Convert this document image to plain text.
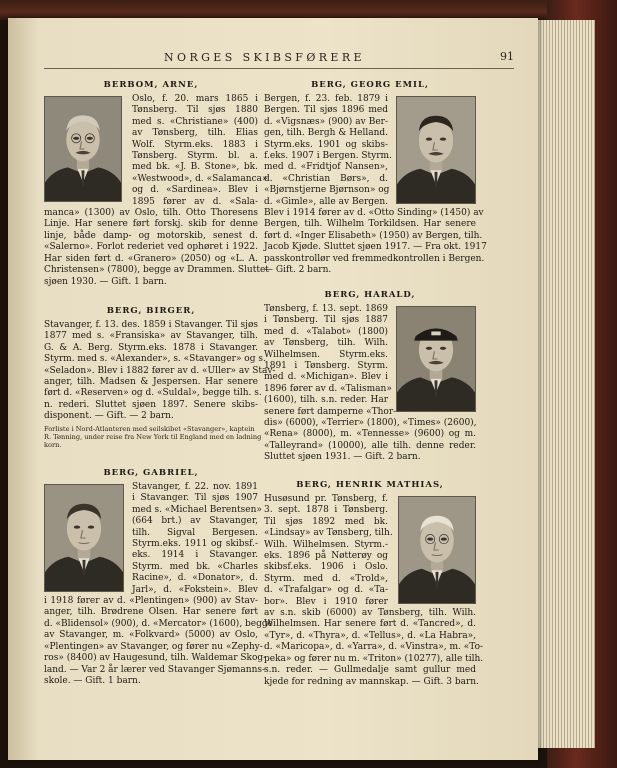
NORGES SKIBSFØRERE	91
BERBOM, ARNE,
Oslo, f. 20. mars 1865 i
Tønsberg. Til sjøs 1880
med s. «Christiane» (400)
av Tønsberg, tilh. Elias
Wolf. Styrm.eks. 1883 i
Tønsberg. Styrm. bl. a.
med bk. «J. B. Stone», bk.
«Westwood», d. «Salamanca»
og d. «Sardinea». Blev i
1895 fører av d. «Sala-
manca» (1300) av Oslo, tilh. Otto Thoresens
Linje. Har senere ført forskj. skib for denne
linje, både damp- og motorskib, senest d.
«Salerno». Forlot rederiet ved ophøret i 1922.
Har siden ført d. «Granero» (2050) og «L. A.
Christensen» (7800), begge av Drammen. Sluttet
sjøen 1930. — Gift. 1 barn.
BERG, BIRGER,
Stavanger, f. 13. des. 1859 i Stavanger. Til sjøs
1877 med s. «Fransiska» av Stavanger, tilh.
G. & A. Berg. Styrm.eks. 1878 i Stavanger.
Styrm. med s. «Alexander», s. «Stavanger» og s.
«Seladon». Blev i 1882 fører av d. «Uller» av Stav-
anger, tilh. Madsen & Jespersen. Har senere
ført d. «Reserven» og d. «Suldal», begge tilh. s.
n. rederi. Sluttet sjøen 1897. Senere skibs-
disponent. — Gift. — 2 barn.
Forliste i Nord-Atlanteren med seilskibet «Stavanger», kaptein
R. Tønning, under reise fra New York til England med en ladning
korn.
BERG, GABRIEL,
Stavanger, f. 22. nov. 1891
i Stavanger. Til sjøs 1907
med s. «Michael Berentsen»
(664 brt.) av Stavanger,
tilh. Sigval Bergesen.
Styrm.eks. 1911 og skibsf.-
eks. 1914 i Stavanger.
Styrm. med bk. «Charles
Racine», d. «Donator», d.
Jarl», d. «Fokstein». Blev
i 1918 fører av d. «Plentingen» (900) av Stav-
anger, tilh. Brødrene Olsen. Har senere ført
d. «Blidensol» (900), d. «Mercator» (1600), begge
av Stavanger, m. «Folkvard» (5000) av Oslo,
«Plentingen» av Stavanger, og fører nu «Zephy-
ros» (8400) av Haugesund, tilh. Waldemar Skog-
land. — Var 2 år lærer ved Stavanger Sjømanns-
skole. — Gift. 1 barn.
BERG, GEORG EMIL,
Bergen, f. 23. feb. 1879 i
Bergen. Til sjøs 1896 med
d. «Vigsnæs» (900) av Ber-
gen, tilh. Bergh & Helland.
Styrm.eks. 1901 og skibs-
f.eks. 1907 i Bergen. Styrm.
med d. «Fridtjof Nansen»,
d. «Christian Børs», d.
«Bjørnstjerne Bjørnson» og
d. «Gimle», alle av Bergen.
Blev i 1914 fører av d. «Otto Sinding» (1450) av
Bergen, tilh. Wilhelm Torkildsen. Har senere
ført d. «Inger Elisabeth» (1950) av Bergen, tilh.
Jacob Kjøde. Sluttet sjøen 1917. — Fra okt. 1917
passkontrollør ved fremmedkontrollen i Bergen.
— Gift. 2 barn.
BERG, HARALD,
Tønsberg, f. 13. sept. 1869
i Tønsberg. Til sjøs 1887
med d. «Talabot» (1800)
av Tønsberg, tilh. Wilh.
Wilhelmsen. Styrm.eks.
1891 i Tønsberg. Styrm.
med d. «Michigan». Blev i
1896 fører av d. «Talisman»
(1600), tilh. s.n. reder. Har
senere ført damperne «Thor-
dis» (6000), «Terrier» (1800), «Times» (2600),
«Rena» (8000), m. «Tennesse» (9600) og m.
«Talleyrand» (10000), alle tilh. denne reder.
Sluttet sjøen 1931. — Gift. 2 barn.
BERG, HENRIK MATHIAS,
Husøsund pr. Tønsberg, f.
3. sept. 1878 i Tønsberg.
Til sjøs 1892 med bk.
«Lindsay» av Tønsberg, tilh.
Wilh. Wilhelmsen. Styrm.-
eks. 1896 på Nøtterøy og
skibsf.eks. 1906 i Oslo.
Styrm. med d. «Trold»,
d. «Trafalgar» og d. «Ta-
bor». Blev i 1910 fører
av s.n. skib (6000) av Tønsberg, tilh. Wilh.
Wilhelmsen. Har senere ført d. «Tancred», d.
«Tyr», d. «Thyra», d. «Tellus», d. «La Habra»,
d. «Maricopa», d. «Yarra», d. «Vinstra», m. «To-
peka» og fører nu m. «Triton» (10277), alle tilh.
s.n. reder. — Gullmedalje samt gullur med
kjede for redning av mannskap. — Gift. 3 barn.
